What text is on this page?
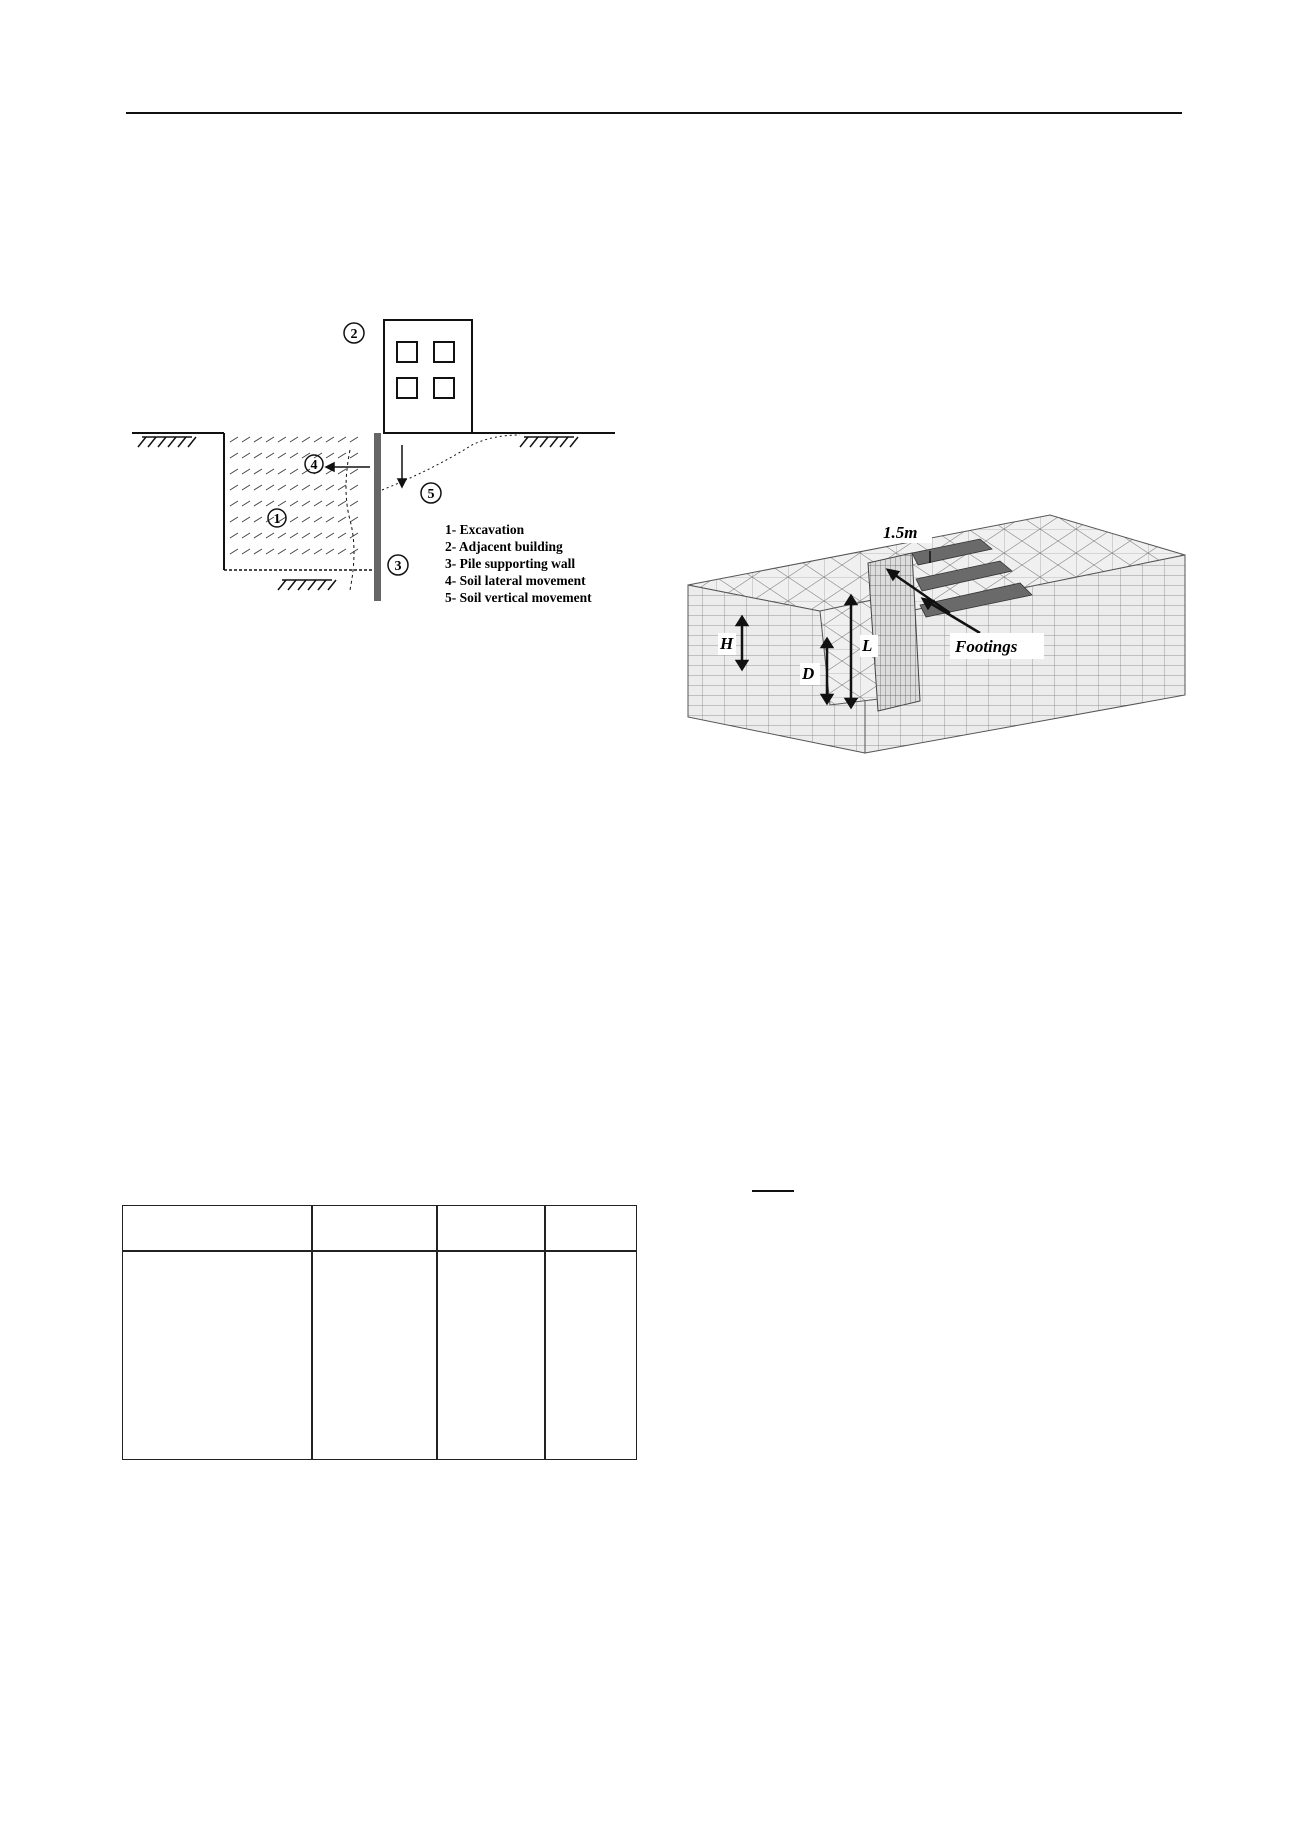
2
4
5
1
3
1- Excavation
2- Adjacent building
3- Pile supporting wall
4- Soil lateral movement
5- Soil vertical movement
1.5m
Footings
H
D
L
